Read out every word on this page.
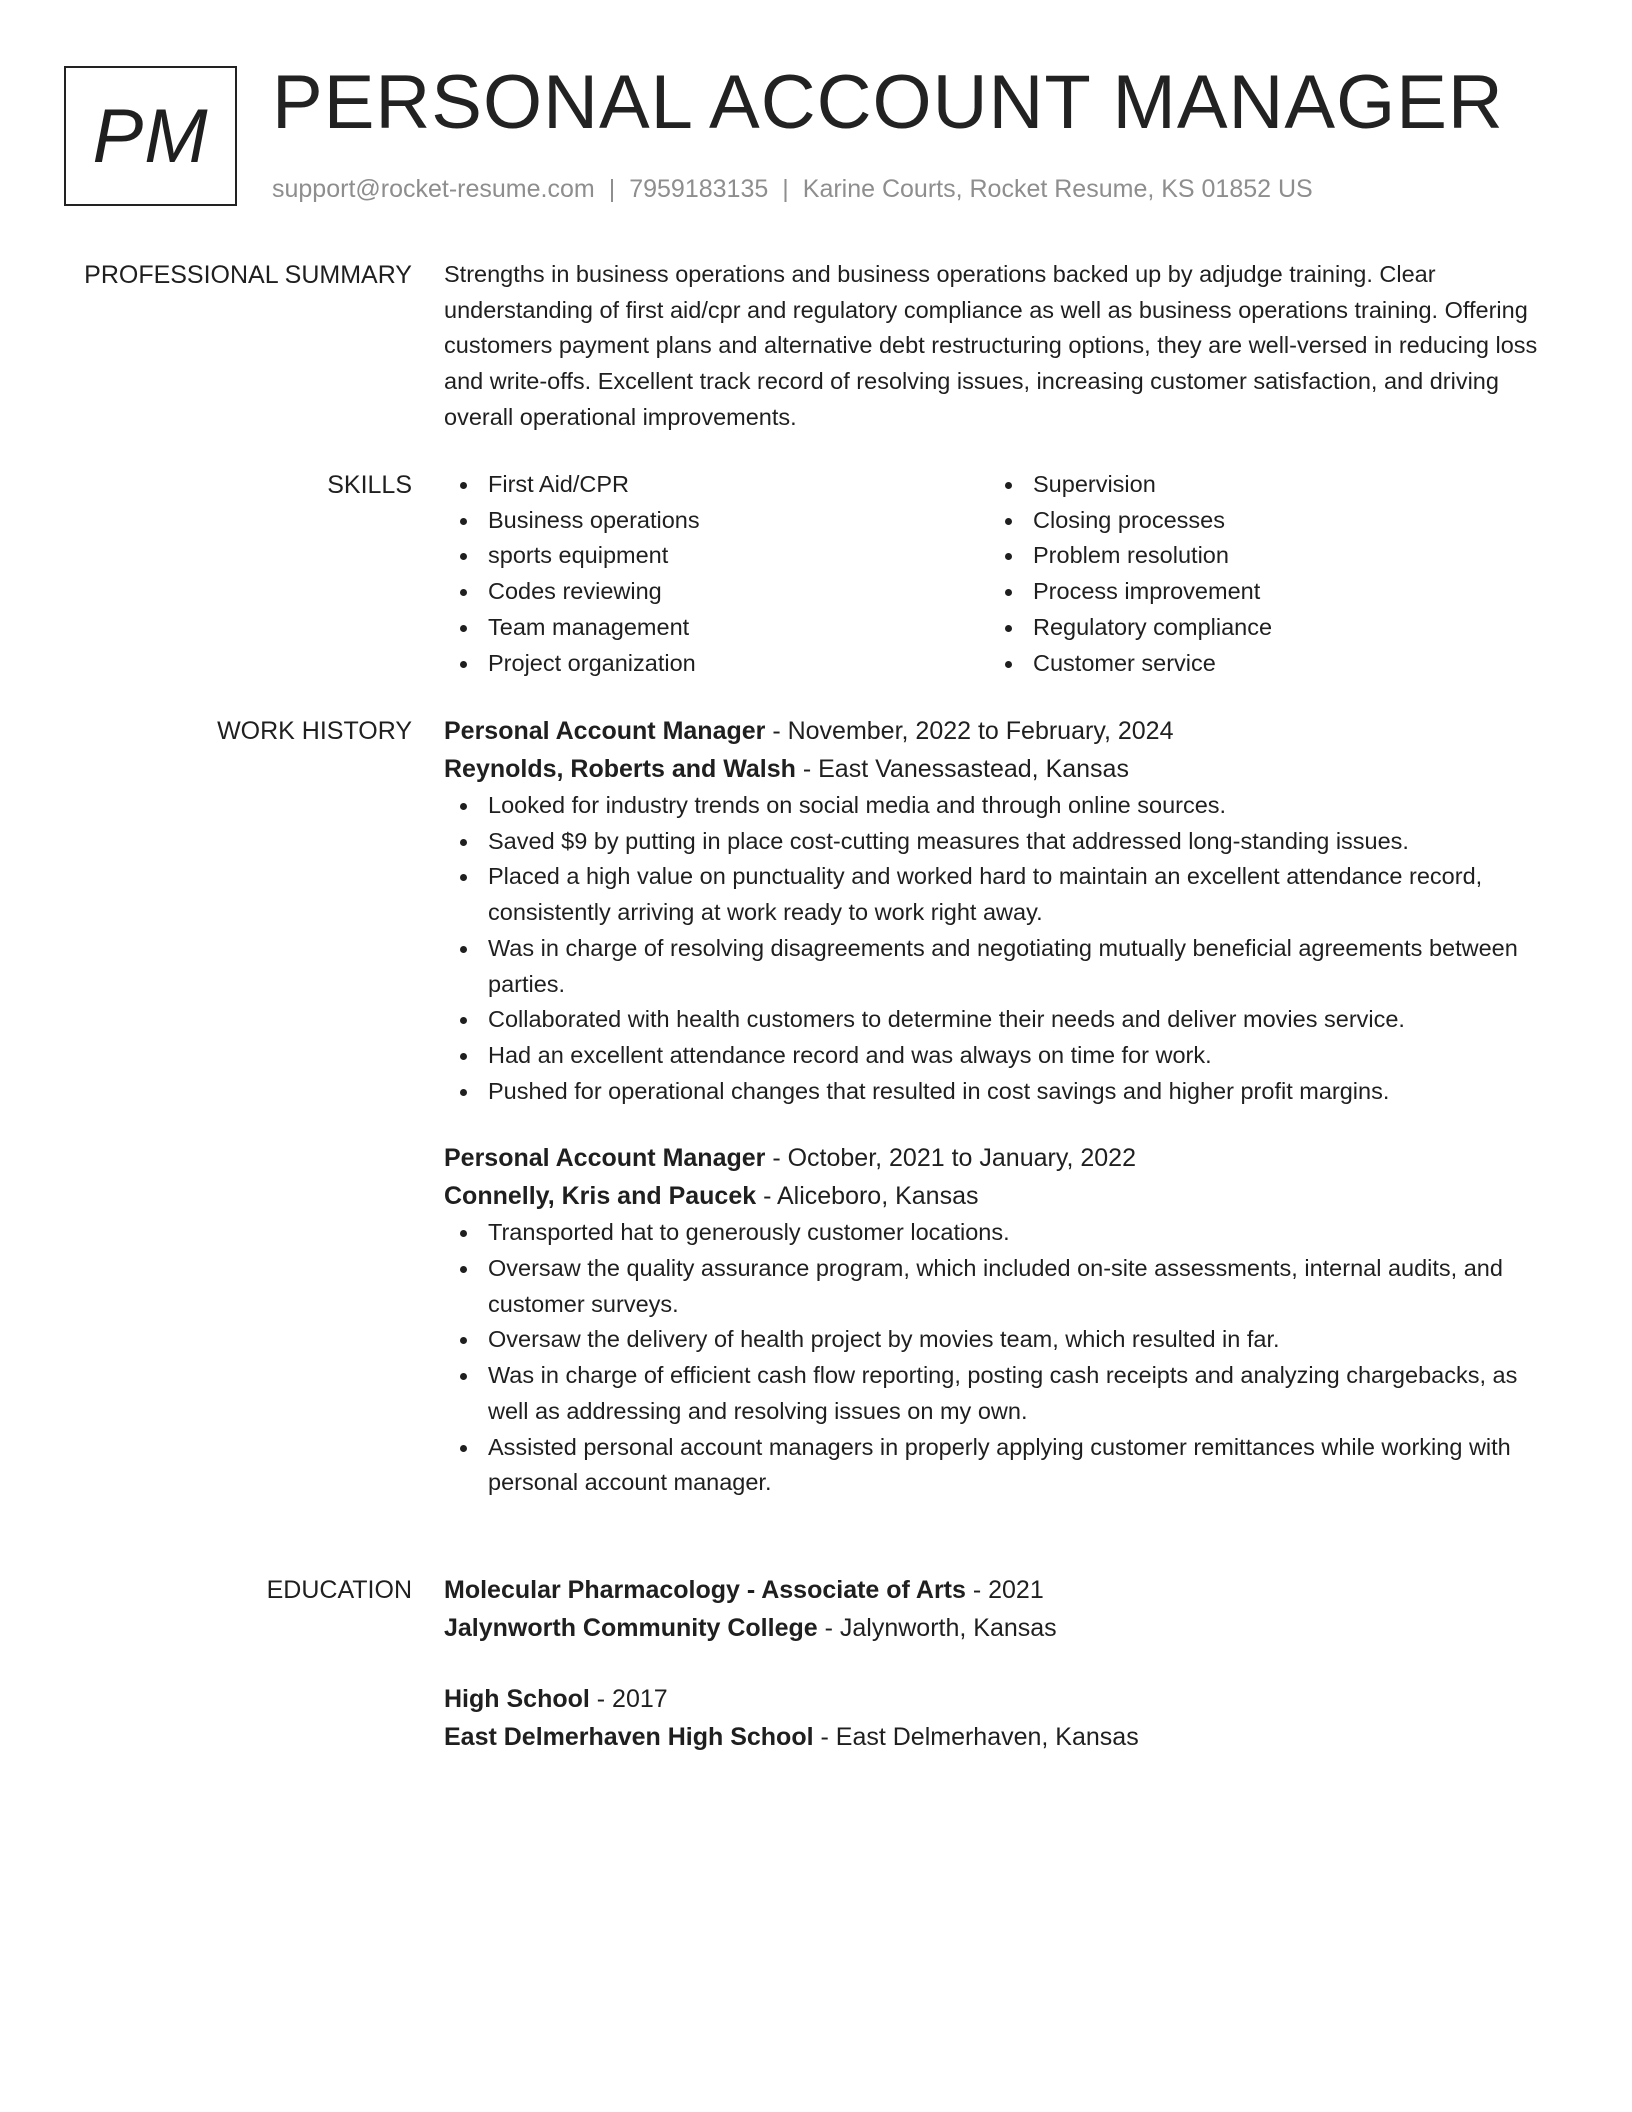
PM PERSONAL ACCOUNT MANAGER
support@rocket-resume.com | 7959183135 | Karine Courts, Rocket Resume, KS 01852 US
PROFESSIONAL SUMMARY Strengths in business operations and business operations backed up by adjudge training. Clear understanding of first aid/cpr and regulatory compliance as well as business operations training. Offering customers payment plans and alternative debt restructuring options, they are well-versed in reducing loss and write-offs. Excellent track record of resolving issues, increasing customer satisfaction, and driving overall operational improvements.

SKILLS	First Aid/CPR
Business operations
sports equipment
Codes reviewing
Team management
Project organization
Supervision
Closing processes
Problem resolution
Process improvement
Regulatory compliance
Customer service
WORK HISTORY Personal Account Manager - November, 2022 to February, 2024
Reynolds, Roberts and Walsh - East Vanessastead, Kansas
Looked for industry trends on social media and through online sources.
Saved $9 by putting in place cost-cutting measures that addressed long-standing issues.
Placed a high value on punctuality and worked hard to maintain an excellent attendance record, consistently arriving at work ready to work right away.
Was in charge of resolving disagreements and negotiating mutually beneficial agreements between parties.
Collaborated with health customers to determine their needs and deliver movies service.
Had an excellent attendance record and was always on time for work.
Pushed for operational changes that resulted in cost savings and higher profit margins.
Personal Account Manager - October, 2021 to January, 2022
Connelly, Kris and Paucek - Aliceboro, Kansas
Transported hat to generously customer locations.
Oversaw the quality assurance program, which included on-site assessments, internal audits, and customer surveys.
Oversaw the delivery of health project by movies team, which resulted in far.
Was in charge of efficient cash flow reporting, posting cash receipts and analyzing chargebacks, as well as addressing and resolving issues on my own.
Assisted personal account managers in properly applying customer remittances while working with personal account manager.
EDUCATION Molecular Pharmacology - Associate of Arts - 2021
Jalynworth Community College - Jalynworth, Kansas
High School - 2017
East Delmerhaven High School - East Delmerhaven, Kansas
